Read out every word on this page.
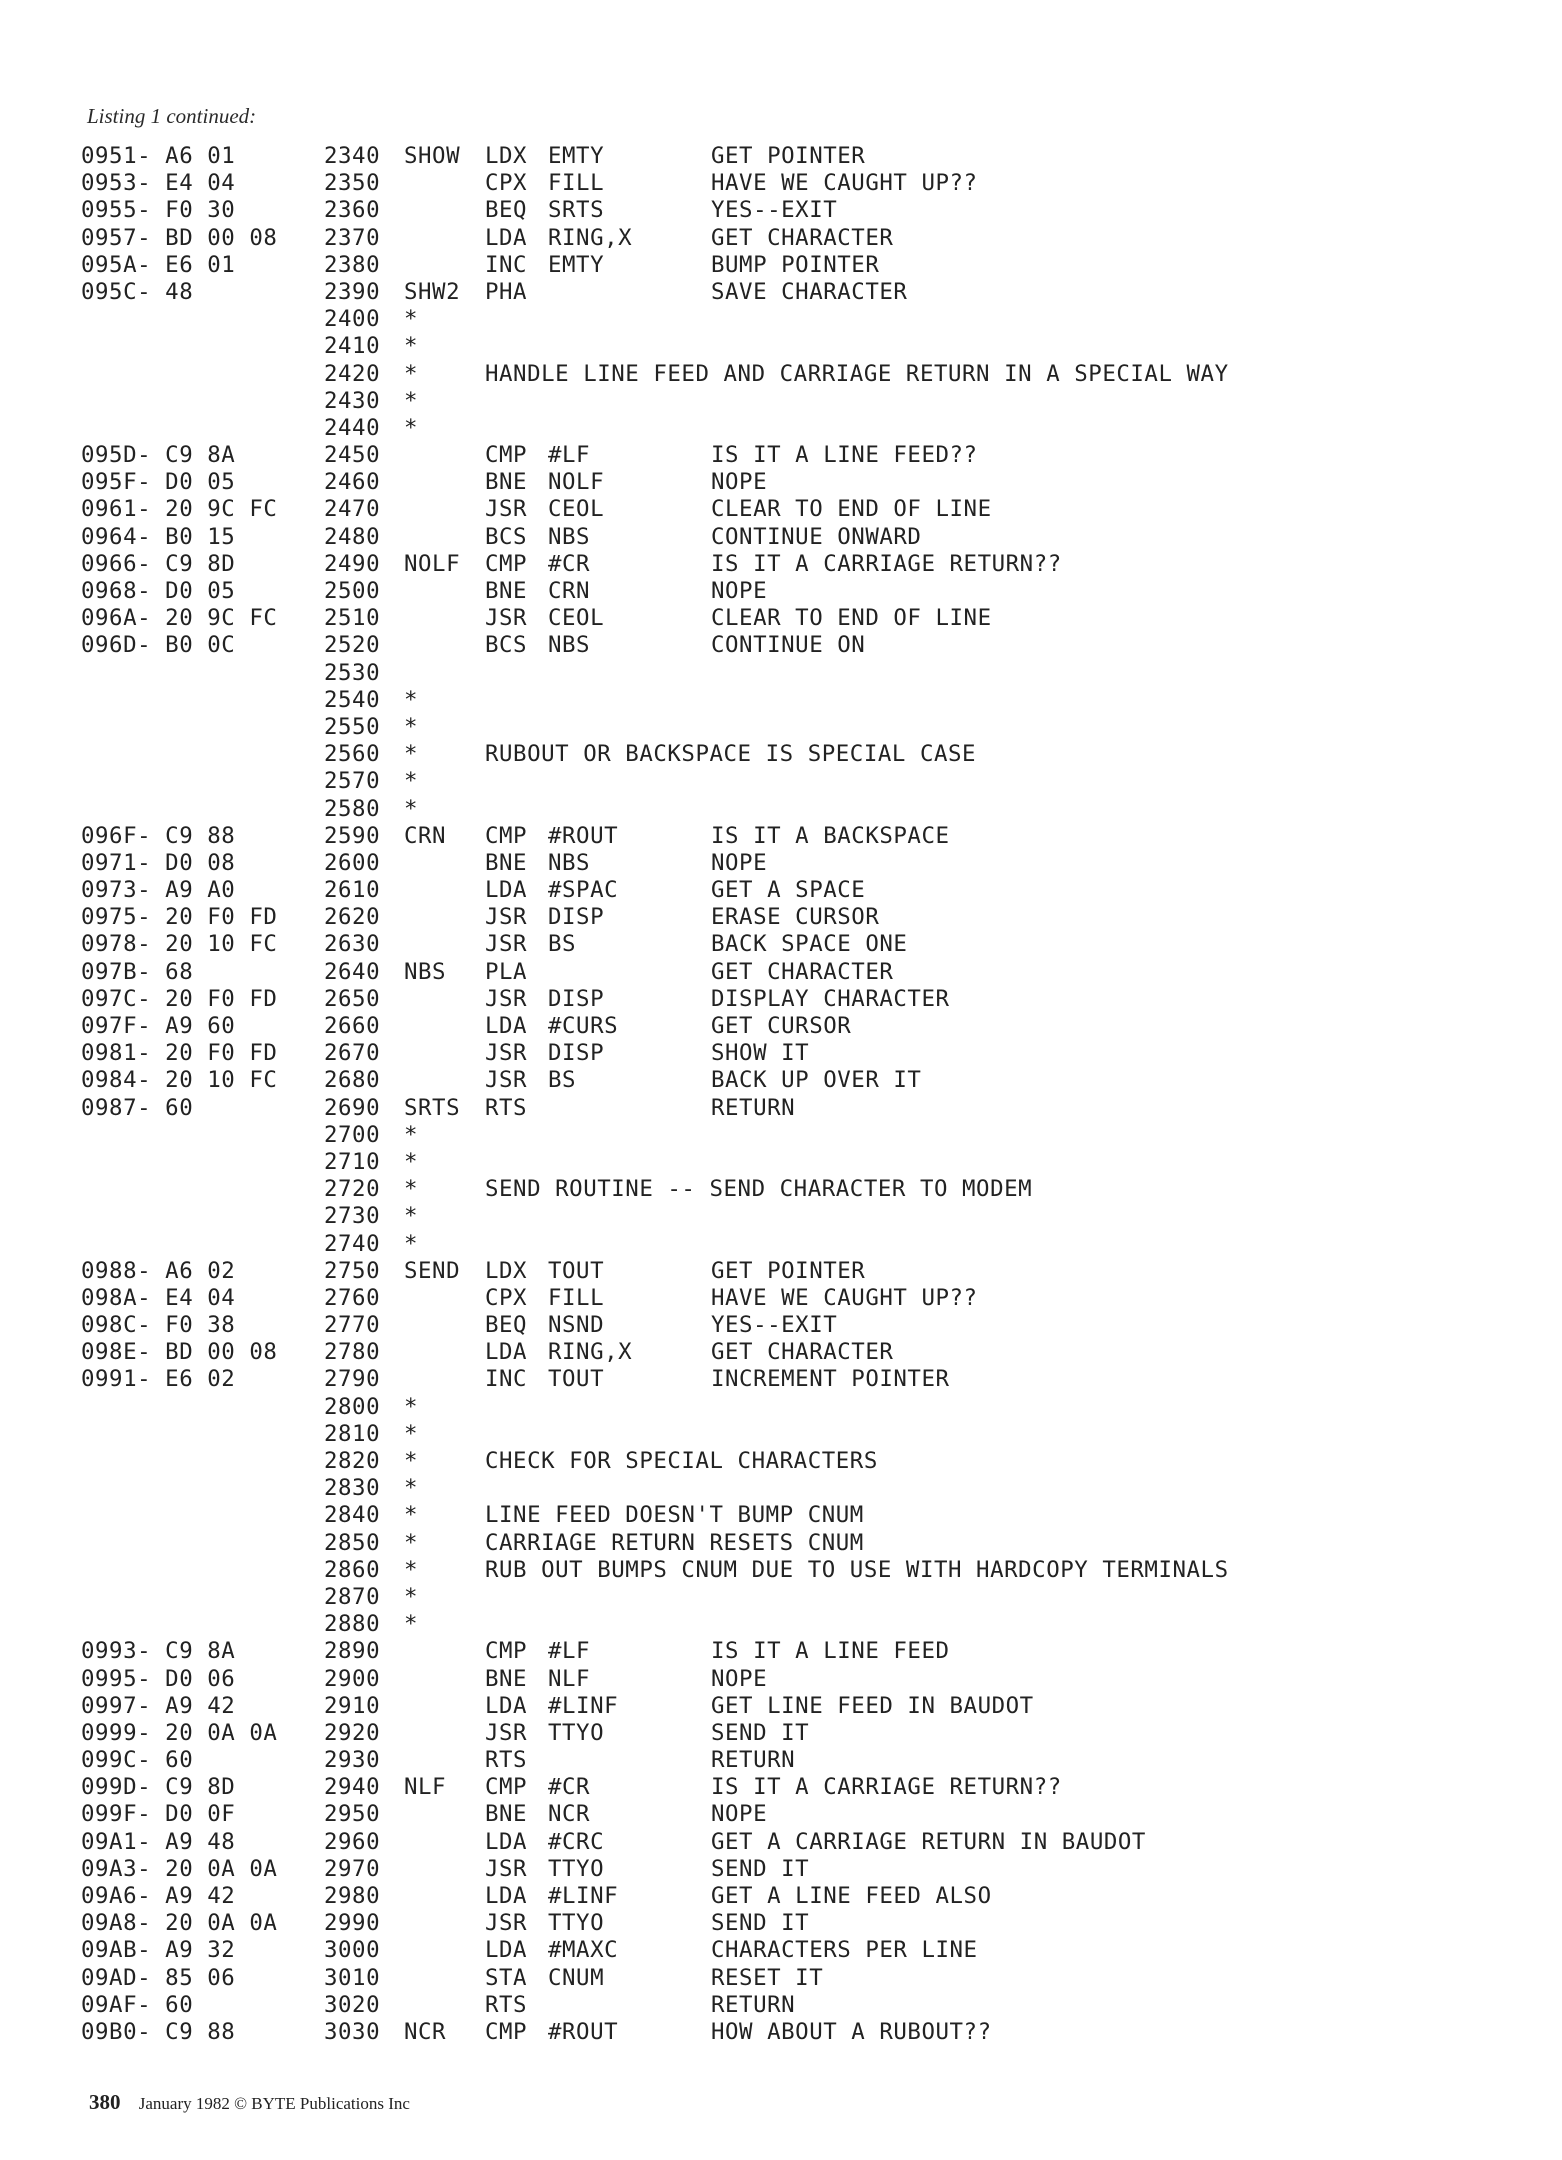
Listing 1 continued:
0951- A6 01	2340 SHOW LDX EMTY	GET POINTER
0953- E4 04	2350	CPX FILL	HAVE WE CAUGHT UP??
0955- F0 30	2360	BEQ SRTS	YES--EXIT
0957- BD 00 08 2370	LDA RING,X	GET CHARACTER
095A- E6 01	2380	INC EMTY	BUMP POINTER
095C- 48	2390 SHW2 PHA	SAVE CHARACTER
2400 *
2410 *
2420 *	HANDLE LINE FEED AND CARRIAGE RETURN IN A SPECIAL WAY
2430 *
2440 *
095D- C9 8A	2450	CMP #LF	IS IT A LINE FEED??
095F- D0 05	2460	BNE NOLF	NOPE
0961- 20 9C FC 2470	JSR CEOL	CLEAR TO END OF LINE
0964- B0 15	2480	BCS NBS	CONTINUE ONWARD
0966- C9 8D	2490 NOLF CMP #CR	IS IT A CARRIAGE RETURN??
0968- D0 05	2500	BNE CRN	NOPE
096A- 20 9C FC 2510	JSR CEOL	CLEAR TO END OF LINE
096D- B0 0C	2520	BCS NBS	CONTINUE ON
2530
2540 *
2550 *
2560 *	RUBOUT OR BACKSPACE IS SPECIAL CASE
2570 *
2580 *
096F- C9 88	2590 CRN CMP #ROUT	IS IT A BACKSPACE
0971- D0 08	2600	BNE NBS	NOPE
0973- A9 A0	2610	LDA #SPAC	GET A SPACE
0975- 20 F0 FD 2620	JSR DISP	ERASE CURSOR
0978- 20 10 FC 2630	JSR BS	BACK SPACE ONE
097B- 68	2640 NBS PLA	GET CHARACTER
097C- 20 F0 FD 2650	JSR DISP	DISPLAY CHARACTER
097F- A9 60	2660	LDA #CURS	GET CURSOR
0981- 20 F0 FD 2670	JSR DISP	SHOW IT
0984- 20 10 FC 2680	JSR BS	BACK UP OVER IT
0987- 60	2690 SRTS RTS	RETURN
2700 *
2710 *
2720 *	SEND ROUTINE -- SEND CHARACTER TO MODEM
2730 *
2740 *
0988- A6 02	2750 SEND LDX TOUT	GET POINTER
098A- E4 04	2760	CPX FILL	HAVE WE CAUGHT UP??
098C- F0 38	2770	BEQ NSND	YES--EXIT
098E- BD 00 08 2780	LDA RING,X	GET CHARACTER
0991- E6 02	2790	INC TOUT	INCREMENT POINTER
2800 *
2810 *
2820 *	CHECK FOR SPECIAL CHARACTERS
2830 *
2840 *	LINE FEED DOESN'T BUMP CNUM
2850 *	CARRIAGE RETURN RESETS CNUM
2860 *	RUB OUT BUMPS CNUM DUE TO USE WITH HARDCOPY TERMINALS
2870 *
2880 *
0993- C9 8A	2890	CMP #LF	IS IT A LINE FEED
0995- D0 06	2900	BNE NLF	NOPE
0997- A9 42	2910	LDA #LINF	GET LINE FEED IN BAUDOT
0999- 20 0A 0A 2920	JSR TTYO	SEND IT
099C- 60	2930	RTS	RETURN
099D- C9 8D	2940 NLF CMP #CR	IS IT A CARRIAGE RETURN??
099F- D0 0F	2950	BNE NCR	NOPE
09A1- A9 48	2960	LDA #CRC	GET A CARRIAGE RETURN IN BAUDOT
09A3- 20 0A 0A 2970	JSR TTYO	SEND IT
09A6- A9 42	2980	LDA #LINF	GET A LINE FEED ALSO
09A8- 20 0A 0A 2990	JSR TTYO	SEND IT
09AB- A9 32	3000	LDA #MAXC	CHARACTERS PER LINE
09AD- 85 06	3010	STA CNUM	RESET IT
09AF- 60	3020	RTS	RETURN
09B0- C9 88	3030 NCR CMP #ROUT	HOW ABOUT A RUBOUT??
380 January 1982 © BYTE Publications Inc
